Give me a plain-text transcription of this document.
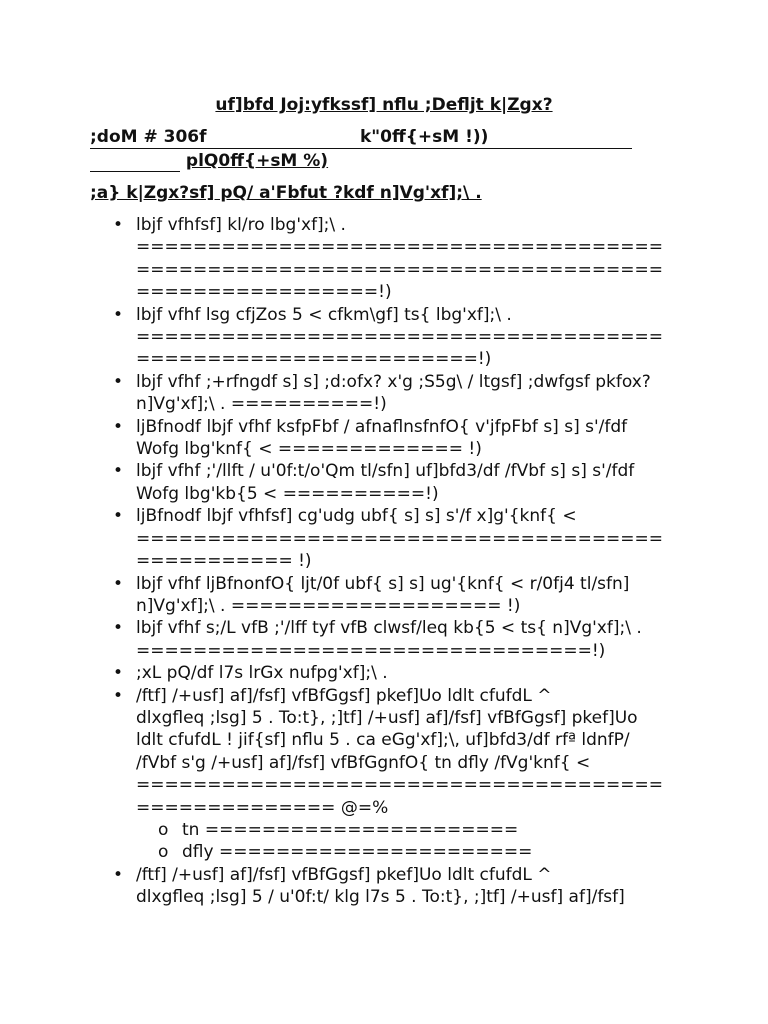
uf]bfd Joj:yfkssf] nflu ;Defljt k|Zgx?
;doM # 306f	k"0ff{+sM !))
plQ0ff{+sM %)
;a} k|Zgx?sf] pQ/ a'Fbfut ?kdf n]Vg'xf];\ .
• lbjf vfhfsf] kl/ro lbg'xf];\ .
=====================================
=====================================
=================!)
• lbjf vfhf lsg cfjZos 5 < cfkm\gf] ts{ lbg'xf];\ .
=====================================
========================!)
• lbjf vfhf ;+rfngdf s] s] ;d:ofx? x'g ;S5g\ / ltgsf] ;dwfgsf pkfox?
n]Vg'xf];\ . ==========!)
• ljBfnodf lbjf vfhf ksfpFbf / afnaflnsfnfO{ v'jfpFbf s] s] s'/fdf
Wofg lbg'knf{ < ============= !)
• lbjf vfhf ;'/llft / u'0f:t/o'Qm tl/sfn] uf]bfd3/df /fVbf s] s] s'/fdf
Wofg lbg'kb{5 < ==========!)
• ljBfnodf lbjf vfhfsf] cg'udg ubf{ s] s] s'/f x]g'{knf{ <
=====================================
=========== !)
• lbjf vfhf ljBfnonfO{ ljt/0f ubf{ s] s] ug'{knf{ < r/0fj4 tl/sfn]
n]Vg'xf];\ . =================== !)
• lbjf vfhf s;/L vfB ;'/lff tyf vfB clwsf/leq kb{5 < ts{ n]Vg'xf];\ .
================================!)
• ;xL pQ/df l7s lrGx nufpg'xf];\ .
• /ftf] /+usf] af]/fsf] vfBfGgsf] pkef]Uo ldlt cfufdL ^
dlxgfleq ;lsg] 5 . To:t}, ;]tf] /+usf] af]/fsf] vfBfGgsf] pkef]Uo
ldlt cfufdL ! jif{sf] nflu 5 . ca eGg'xf];\, uf]bfd3/df rfª ldnfP/
/fVbf s'g /+usf] af]/fsf] vfBfGgnfO{ tn dfly /fVg'knf{ <
=====================================
============== @=%
o tn ======================
o dfly ======================
• /ftf] /+usf] af]/fsf] vfBfGgsf] pkef]Uo ldlt cfufdL ^
dlxgfleq ;lsg] 5 / u'0f:t/ klg l7s 5 . To:t}, ;]tf] /+usf] af]/fsf]
